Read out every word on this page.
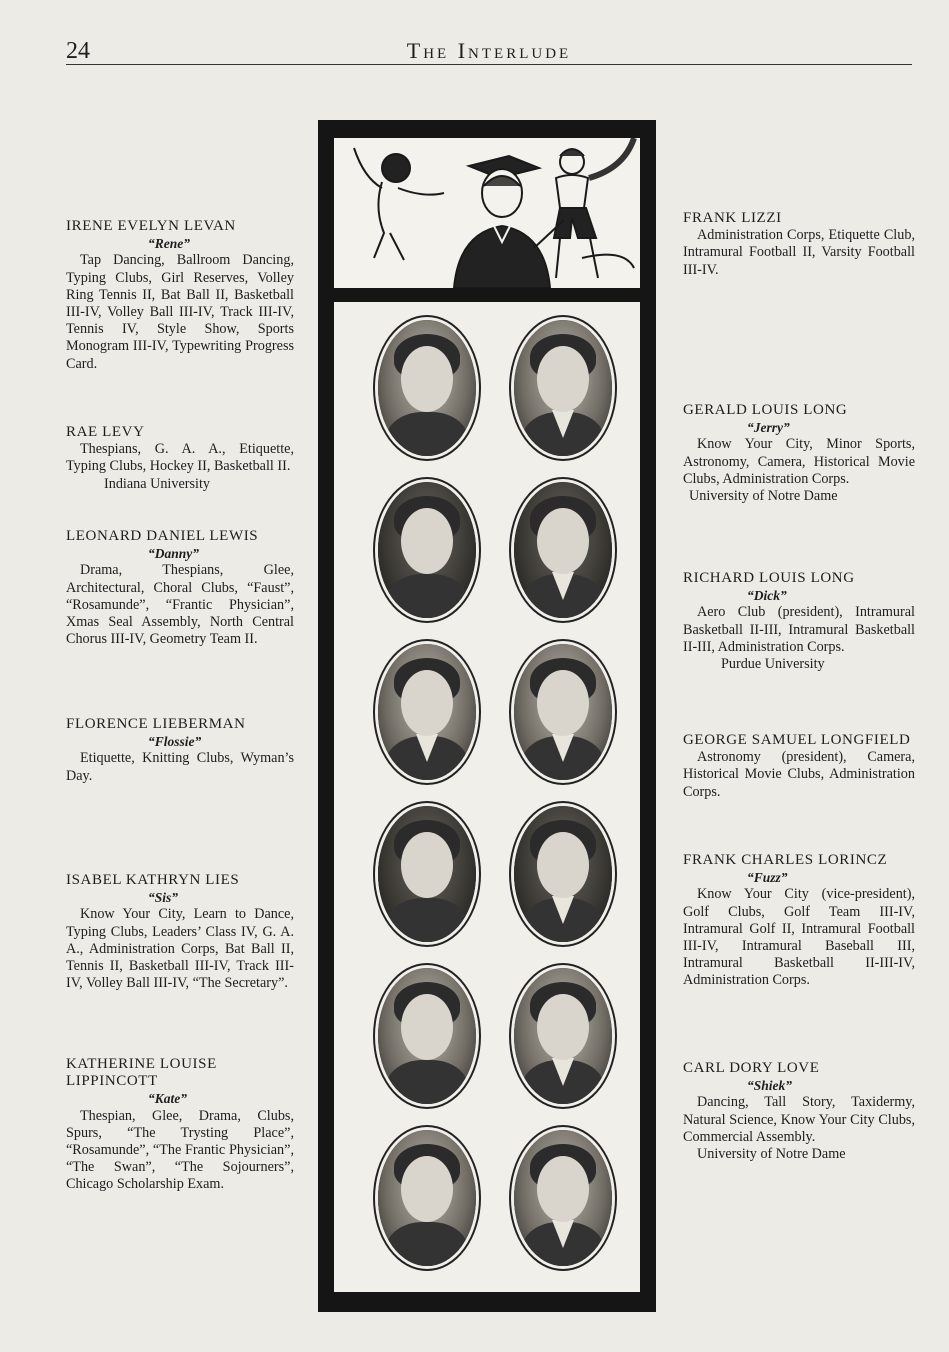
24	The Interlude
IRENE EVELYN LEVAN
“Rene”
Tap Dancing, Ballroom Dancing, Typing Clubs, Girl Reserves, Volley Ring Tennis II, Bat Ball II, Basketball III-IV, Volley Ball III-IV, Track III-IV, Tennis IV, Style Show, Sports Monogram III-IV, Typewriting Progress Card.
RAE LEVY
Thespians, G. A. A., Etiquette, Typing Clubs, Hockey II, Basketball II.
Indiana University
LEONARD DANIEL LEWIS
“Danny”
Drama, Thespians, Glee, Architectural, Choral Clubs, “Faust”, “Rosamunde”, “Frantic Physician”, Xmas Seal Assembly, North Central Chorus III-IV, Geometry Team II.
FLORENCE LIEBERMAN
“Flossie”
Etiquette, Knitting Clubs, Wyman’s Day.
ISABEL KATHRYN LIES
“Sis”
Know Your City, Learn to Dance, Typing Clubs, Leaders’ Class IV, G. A. A., Administration Corps, Bat Ball II, Tennis II, Basketball III-IV, Track III-IV, Volley Ball III-IV, “The Secretary”.
KATHERINE LOUISE LIPPINCOTT
“Kate”
Thespian, Glee, Drama, Clubs, Spurs, “The Trysting Place”, “Rosamunde”, “The Frantic Physician”, “The Swan”, “The Sojourners”, Chicago Scholarship Exam.
FRANK LIZZI
Administration Corps, Etiquette Club, Intramural Football II, Varsity Football III-IV.
GERALD LOUIS LONG
“Jerry”
Know Your City, Minor Sports, Astronomy, Camera, Historical Movie Clubs, Administration Corps.
University of Notre Dame
RICHARD LOUIS LONG
“Dick”
Aero Club (president), Intramural Basketball II-III, Intramural Basketball II-III, Administration Corps.
Purdue University
GEORGE SAMUEL LONGFIELD
Astronomy (president), Camera, Historical Movie Clubs, Administration Corps.
FRANK CHARLES LORINCZ
“Fuzz”
Know Your City (vice-president), Golf Clubs, Golf Team III-IV, Intramural Golf II, Intramural Football III-IV, Intramural Baseball III, Intramural Basketball II-III-IV, Administration Corps.
CARL DORY LOVE
“Shiek”
Dancing, Tall Story, Taxidermy, Natural Science, Know Your City Clubs, Commercial Assembly.
University of Notre Dame
